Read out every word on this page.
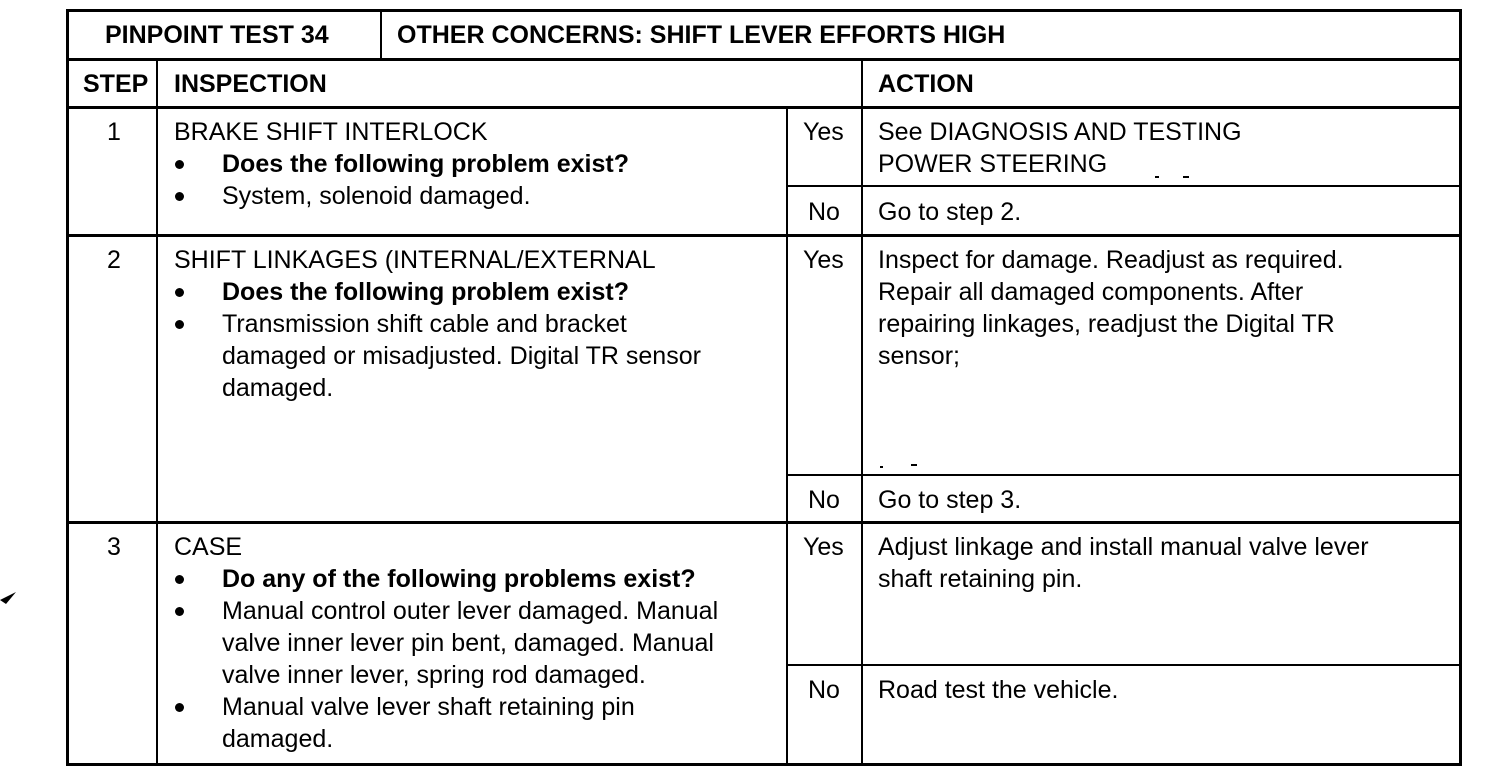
PINPOINT TEST 34	OTHER CONCERNS: SHIFT LEVER EFFORTS HIGH
STEP INSPECTION	ACTION
1 BRAKE SHIFT INTERLOCK
Does the following problem exist?
System, solenoid damaged.
Yes See DIAGNOSIS AND TESTING
POWER STEERING
No Go to step 2.
2 SHIFT LINKAGES (INTERNAL/EXTERNAL
Does the following problem exist?
Transmission shift cable and bracket
damaged or misadjusted. Digital TR sensor
damaged.
Yes Inspect for damage. Readjust as required.
Repair all damaged components. After
repairing linkages, readjust the Digital TR
sensor;
No Go to step 3.
3 CASE
Do any of the following problems exist?
Manual control outer lever damaged. Manual
valve inner lever pin bent, damaged. Manual
valve inner lever, spring rod damaged.
Manual valve lever shaft retaining pin
damaged.
Yes Adjust linkage and install manual valve lever
shaft retaining pin.
No Road test the vehicle.
